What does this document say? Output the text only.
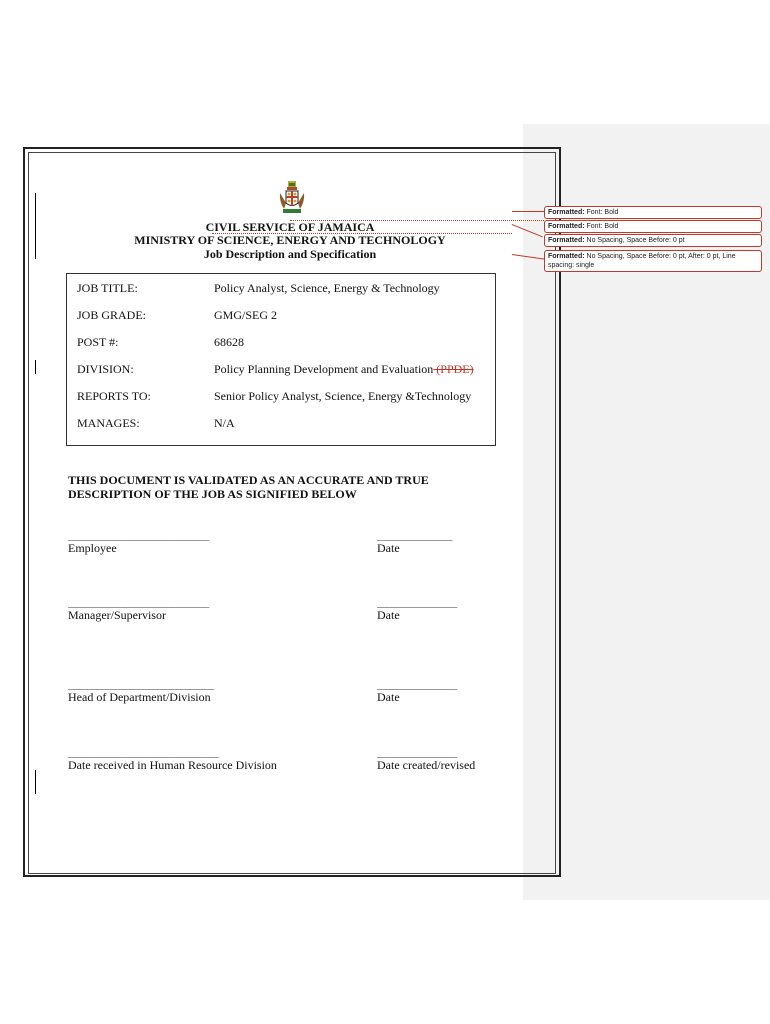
CIVIL SERVICE OF JAMAICA
MINISTRY OF SCIENCE, ENERGY AND TECHNOLOGY
Job Description and Specification
JOB TITLE:	Policy Analyst, Science, Energy & Technology
JOB GRADE:	GMG/SEG 2
POST #:	68628
DIVISION:	Policy Planning Development and Evaluation (PPDE)
REPORTS TO:	Senior Policy Analyst, Science, Energy &Technology
MANAGES:	N/A
THIS DOCUMENT IS VALIDATED AS AN ACCURATE AND TRUE
DESCRIPTION OF THE JOB AS SIGNIFIED BELOW
______________________________	________________
Employee	Date
______________________________	_________________
Manager/Supervisor	Date
_______________________________	_________________
Head of Department/Division	Date
________________________________	_________________
Date received in Human Resource Division	Date created/revised
Formatted: Font: Bold
Formatted: Font: Bold
Formatted: No Spacing, Space Before: 0 pt
Formatted: No Spacing, Space Before: 0 pt, After: 0 pt, Line spacing: single
